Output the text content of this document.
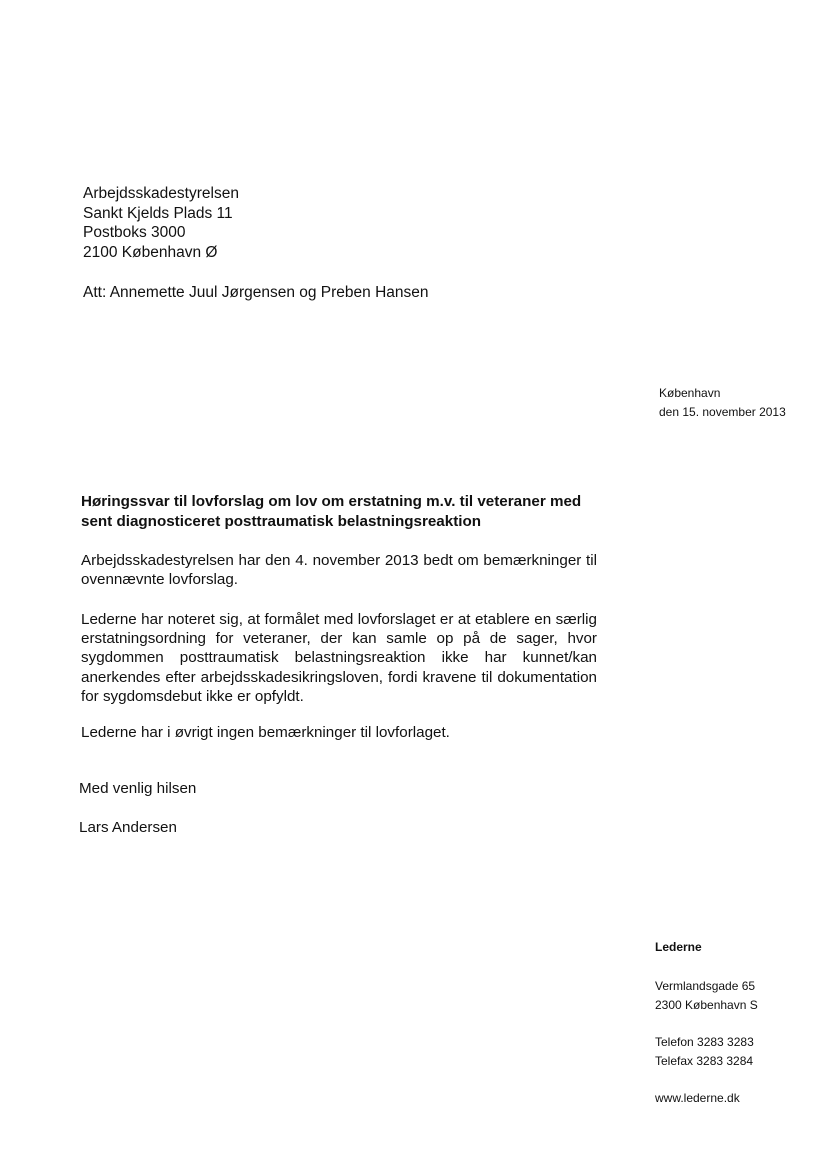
Arbejdsskadestyrelsen
Sankt Kjelds Plads 11
Postboks 3000
2100 København Ø
Att: Annemette Juul Jørgensen og Preben Hansen
København
den 15. november 2013
Høringssvar til lovforslag om lov om erstatning m.v. til veteraner med sent diagnosticeret posttraumatisk belastningsreaktion
Arbejdsskadestyrelsen har den 4. november 2013 bedt om bemærkninger til ovennævnte lovforslag.
Lederne har noteret sig, at formålet med lovforslaget er at etablere en særlig erstatningsordning for veteraner, der kan samle op på de sager, hvor sygdommen posttraumatisk belastningsreaktion ikke har kunnet/kan anerkendes efter arbejdsskadesikringsloven, fordi kravene til dokumentation for sygdomsdebut ikke er opfyldt.
Lederne har i øvrigt ingen bemærkninger til lovforlaget.
Med venlig hilsen
Lars Andersen
Lederne
Vermlandsgade 65
2300 København S
Telefon 3283 3283
Telefax 3283 3284
www.lederne.dk
